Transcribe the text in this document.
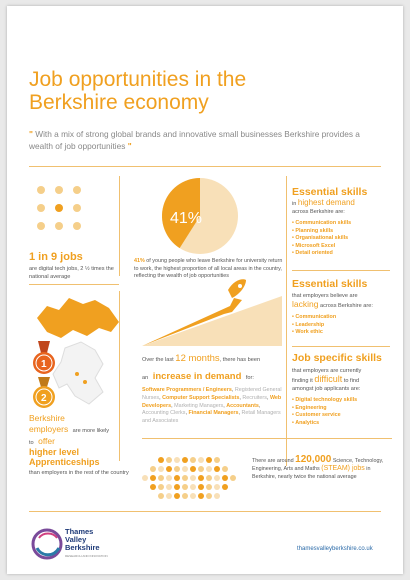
Job opportunities in the Berkshire economy

" With a mix of strong global brands and innovative small businesses Berkshire provides a wealth of job opportunities "

1 in 9 jobs
are digital tech jobs, 2 ½ times the national average
41%
41% of young people who leave Berkshire for university return to work, the highest proportion of all local areas in the country, reflecting the wealth of job opportunities
Essential skills
in highest demand
across Berkshire are:
• Communication skills
• Planning skills
• Organisational skills
• Microsoft Excel
• Detail oriented
Essential skills
that employers believe are
lacking across Berkshire are:
• Communication
• Leadership
• Work ethic
Job specific skills
that employers are currently
finding it difficult to find
amongst job applicants are:
• Digital technology skills
• Engineering
• Customer service
• Analytics
1
2
Berkshire
employers are more likely
to offer
higher level
Apprenticeships
than employers in the rest of the country
Over the last 12 months, there has been
an increase in demand for:
Software Programmers / Engineers, Registered General Nurses, Computer Support Specialists, Recruiters, Web Developers, Marketing Managers, Accountants, Accounting Clerks, Financial Managers, Retail Managers and Associates
There are around 120,000 Science, Technology, Engineering, Arts and Maths (STEAM) jobs in Berkshire, nearly twice the national average
Thames
Valley
Berkshire
RESEARCH AND INNOVATION
thamesvalleyberkshire.co.uk
